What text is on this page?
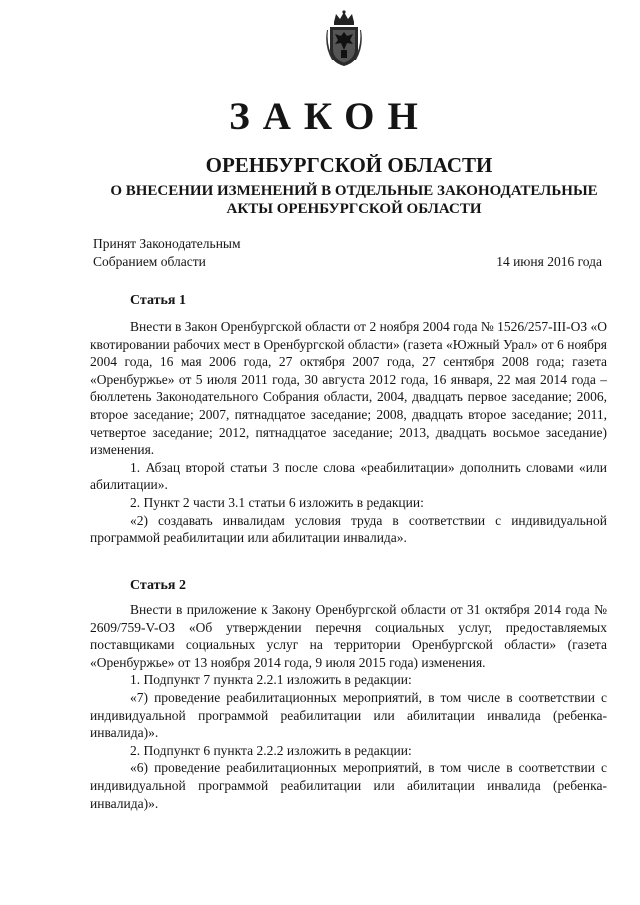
ЗАКОН
ОРЕНБУРГСКОЙ ОБЛАСТИ
О ВНЕСЕНИИ ИЗМЕНЕНИЙ В ОТДЕЛЬНЫЕ ЗАКОНОДАТЕЛЬНЫЕ
АКТЫ ОРЕНБУРГСКОЙ ОБЛАСТИ
Принят Законодательным
Собранием области	14 июня 2016 года
Статья 1

Внести в Закон Оренбургской области от 2 ноября 2004 года № 1526/257-III-ОЗ «О квотировании рабочих мест в Оренбургской области» (газета «Южный Урал» от 6 ноября 2004 года, 16 мая 2006 года, 27 октября 2007 года, 27 сентября 2008 года; газета «Оренбуржье» от 5 июля 2011 года, 30 августа 2012 года, 16 января, 22 мая 2014 года – бюллетень Законодательного Собрания области, 2004, двадцать первое заседание; 2006, второе заседание; 2007, пятнадцатое заседание; 2008, двадцать второе заседание; 2011, четвертое заседание; 2012, пятнадцатое заседание; 2013, двадцать восьмое заседание) изменения.

1. Абзац второй статьи 3 после слова «реабилитации» дополнить словами «или абилитации».

2. Пункт 2 части 3.1 статьи 6 изложить в редакции:

«2) создавать инвалидам условия труда в соответствии с индивидуальной программой реабилитации или абилитации инвалида».

Статья 2

Внести в приложение к Закону Оренбургской области от 31 октября 2014 года № 2609/759-V-ОЗ «Об утверждении перечня социальных услуг, предоставляемых поставщиками социальных услуг на территории Оренбургской области» (газета «Оренбуржье» от 13 ноября 2014 года, 9 июля 2015 года) изменения.

1. Подпункт 7 пункта 2.2.1 изложить в редакции:

«7) проведение реабилитационных мероприятий, в том числе в соответствии с индивидуальной программой реабилитации или абилитации инвалида (ребенка-инвалида)».

2. Подпункт 6 пункта 2.2.2 изложить в редакции:

«6) проведение реабилитационных мероприятий, в том числе в соответствии с индивидуальной программой реабилитации или абилитации инвалида (ребенка-инвалида)».
